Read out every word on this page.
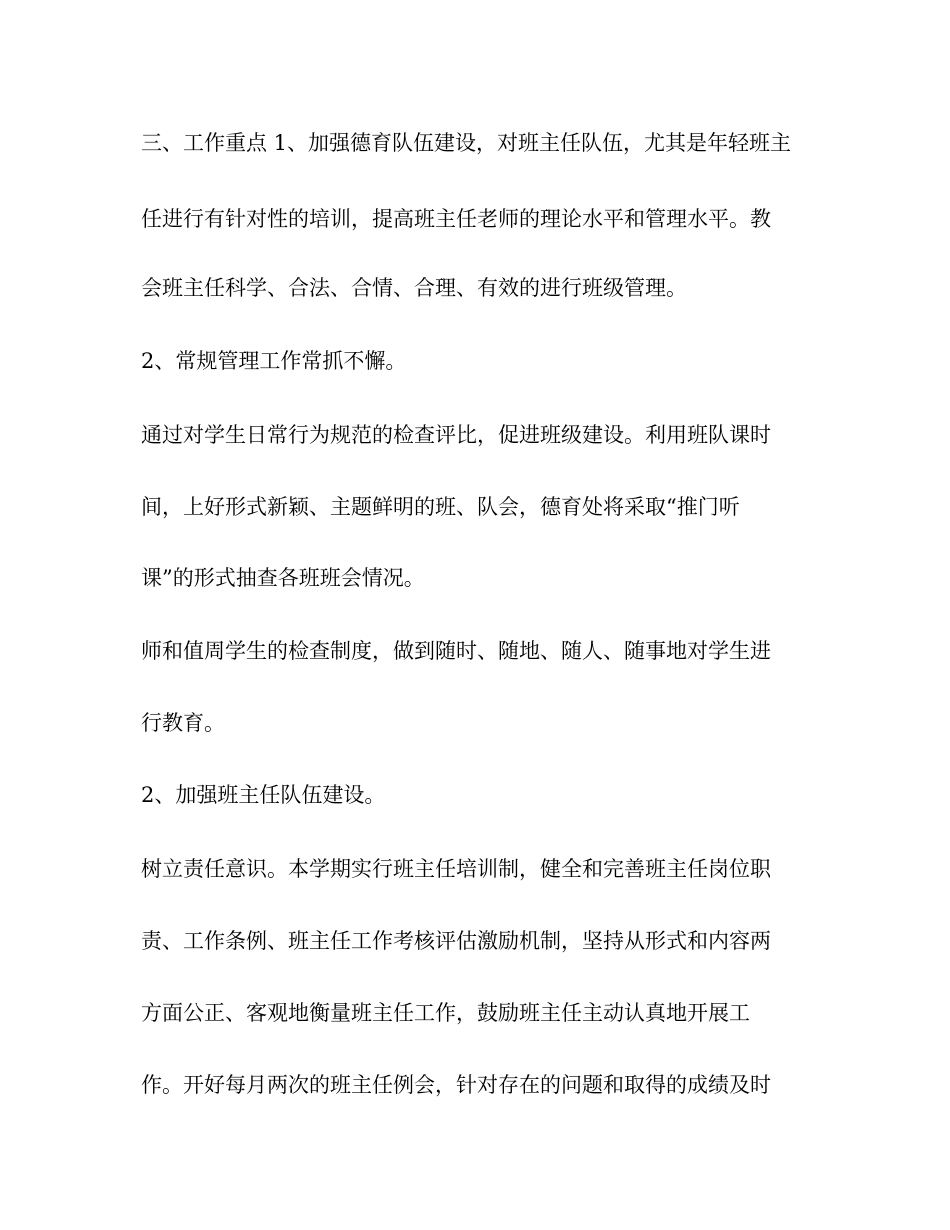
三、工作重点 1、加强德育队伍建设，对班主任队伍，尤其是年轻班主
任进行有针对性的培训，提高班主任老师的理论水平和管理水平。教
会班主任科学、合法、合情、合理、有效的进行班级管理。
2、常规管理工作常抓不懈。
通过对学生日常行为规范的检查评比，促进班级建设。利用班队课时
间，上好形式新颖、主题鲜明的班、队会，德育处将采取“推门听
课”的形式抽查各班班会情况。
师和值周学生的检查制度，做到随时、随地、随人、随事地对学生进
行教育。
2、加强班主任队伍建设。
树立责任意识。本学期实行班主任培训制，健全和完善班主任岗位职
责、工作条例、班主任工作考核评估激励机制，坚持从形式和内容两
方面公正、客观地衡量班主任工作，鼓励班主任主动认真地开展工
作。开好每月两次的班主任例会，针对存在的问题和取得的成绩及时
